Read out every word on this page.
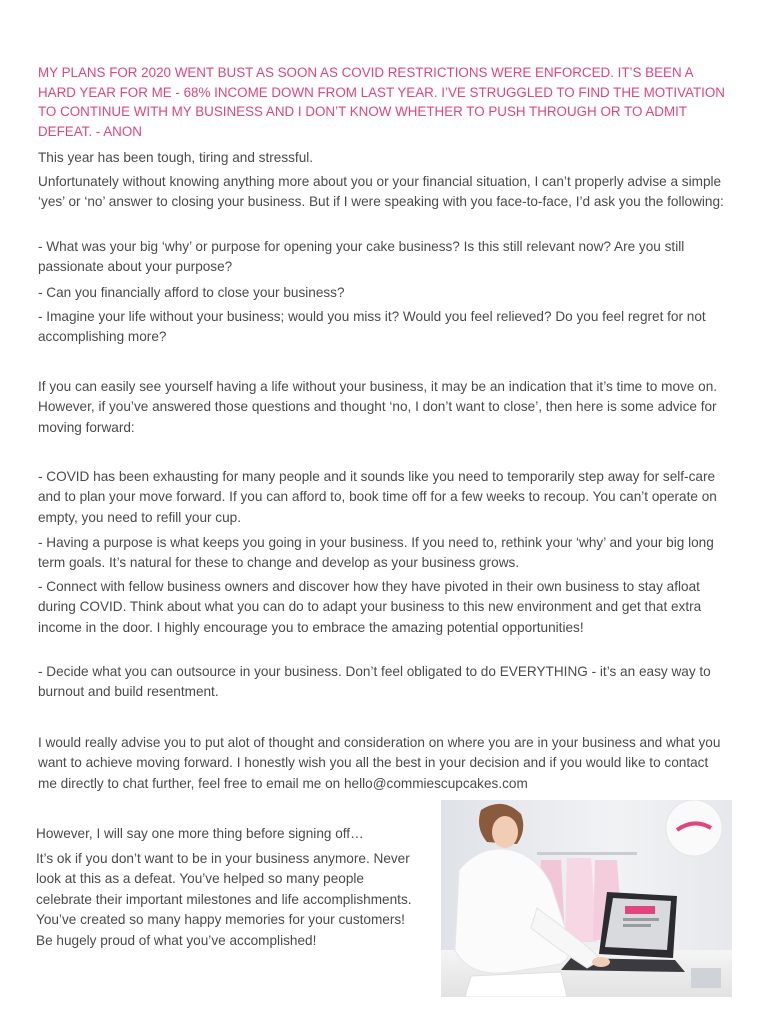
MY PLANS FOR 2020 WENT BUST AS SOON AS COVID RESTRICTIONS WERE ENFORCED. IT’S BEEN A HARD YEAR FOR ME - 68% INCOME DOWN FROM LAST YEAR. I’VE STRUGGLED TO FIND THE MOTIVATION TO CONTINUE WITH MY BUSINESS AND I DON’T KNOW WHETHER TO PUSH THROUGH OR TO ADMIT DEFEAT. - ANON

This year has been tough, tiring and stressful.

Unfortunately without knowing anything more about you or your financial situation, I can’t properly advise a simple ‘yes’ or ‘no’ answer to closing your business. But if I were speaking with you face-to-face, I’d ask you the following:

- What was your big ‘why’ or purpose for opening your cake business? Is this still relevant now? Are you still passionate about your purpose?

- Can you financially afford to close your business?

- Imagine your life without your business; would you miss it? Would you feel relieved? Do you feel regret for not accomplishing more?

If you can easily see yourself having a life without your business, it may be an indication that it’s time to move on. However, if you’ve answered those questions and thought ‘no, I don’t want to close’, then here is some advice for moving forward:

- COVID has been exhausting for many people and it sounds like you need to temporarily step away for self-care and to plan your move forward. If you can afford to, book time off for a few weeks to recoup. You can’t operate on empty, you need to refill your cup.

- Having a purpose is what keeps you going in your business. If you need to, rethink your ‘why’ and your big long term goals. It’s natural for these to change and develop as your business grows.

- Connect with fellow business owners and discover how they have pivoted in their own business to stay afloat during COVID. Think about what you can do to adapt your business to this new environment and get that extra income in the door. I highly encourage you to embrace the amazing potential opportunities!

- Decide what you can outsource in your business. Don’t feel obligated to do EVERYTHING - it’s an easy way to burnout and build resentment.

I would really advise you to put alot of thought and consideration on where you are in your business and what you want to achieve moving forward. I honestly wish you all the best in your decision and if you would like to contact me directly to chat further, feel free to email me on hello@commiescupcakes.com

However, I will say one more thing before signing off…

It’s ok if you don’t want to be in your business anymore. Never look at this as a defeat. You’ve helped so many people celebrate their important milestones and life accomplishments. You’ve created so many happy memories for your customers! Be hugely proud of what you’ve accomplished!
